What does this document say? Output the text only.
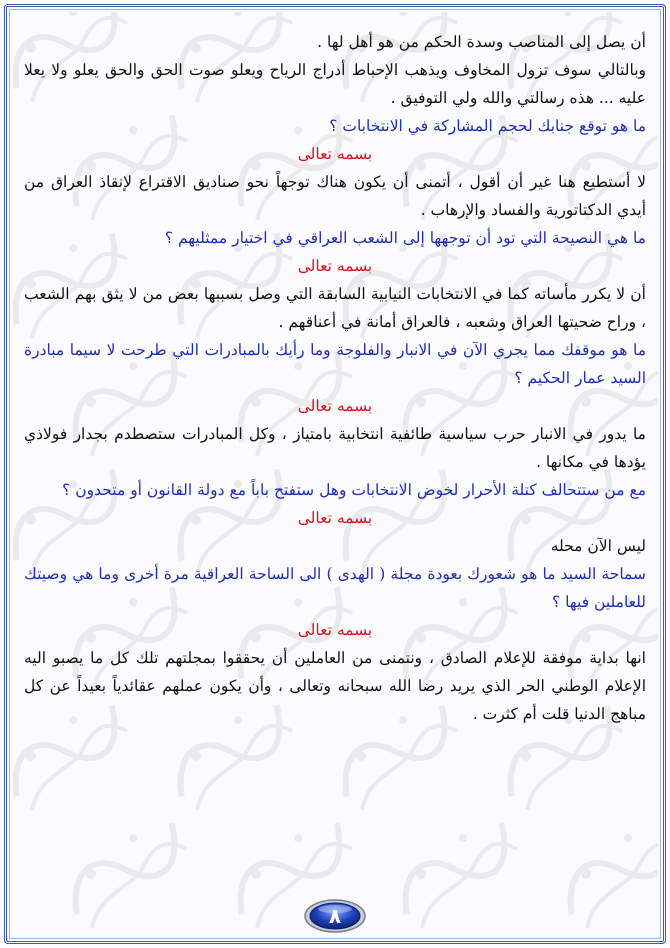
أن يصل إلى المناصب وسدة الحكم من هو أهل لها .

وبالتالي سوف تزول المخاوف ويذهب الإحباط أدراج الرياح ويعلو صوت الحق والحق يعلو ولا يعلا عليه ... هذه رسالتي والله ولي التوفيق .

ما هو توقع جنابك لحجم المشاركة في الانتخابات ؟

بسمه تعالى

لا أستطيع هنا غير أن أقول ، أتمنى أن يكون هناك توجهاً نحو صناديق الاقتراع لإنقاذ العراق من أيدي الدكتاتورية والفساد والإرهاب .

ما هي النصيحة التي تود أن توجهها إلى الشعب العراقي في اختيار ممثليهم ؟

بسمه تعالى

أن لا يكرر مأساته كما في الانتخابات النيابية السابقة التي وصل بسببها بعض من لا يثق بهم الشعب ، وراح ضحيتها العراق وشعبه ، فالعراق أمانة في أعناقهم .

ما هو موقفك مما يجري الآن في الانبار والفلوجة وما رأيك بالمبادرات التي طرحت لا سيما مبادرة السيد عمار الحكيم ؟

بسمه تعالى

ما يدور في الانبار حرب سياسية طائفية انتخابية بامتياز ، وكل المبادرات ستصطدم بجدار فولاذي يؤدها في مكانها .

مع من ستتحالف كتلة الأحرار لخوض الانتخابات وهل ستفتح باباً مع دولة القانون أو متحدون ؟

بسمه تعالى

ليس الآن محله

سماحة السيد ما هو شعورك بعودة مجلة ( الهدى ) الى الساحة العراقية مرة أخرى وما هي وصيتك للعاملين فيها ؟

بسمه تعالى

انها بداية موفقة للإعلام الصادق ، ونتمنى من العاملين أن يحققوا بمجلتهم تلك كل ما يصبو اليه الإعلام الوطني الحر الذي يريد رضا الله سبحانه وتعالى ، وأن يكون عملهم عقائدياً بعيداً عن كل مباهج الدنيا قلت أم كثرت .

٨
